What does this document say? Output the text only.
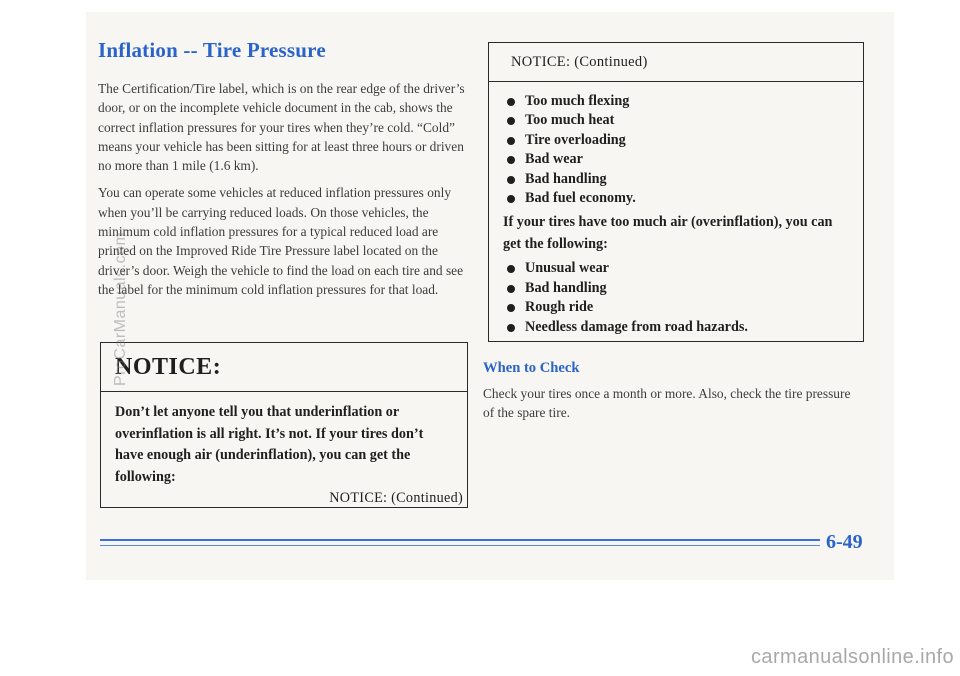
Inflation -- Tire Pressure

The Certification/Tire label, which is on the rear edge of the driver’s door, or on the incomplete vehicle document in the cab, shows the correct inflation pressures for your tires when they’re cold. “Cold” means your vehicle has been sitting for at least three hours or driven no more than 1 mile (1.6 km).

You can operate some vehicles at reduced inflation pressures only when you’ll be carrying reduced loads. On those vehicles, the minimum cold inflation pressures for a typical reduced load are printed on the Improved Ride Tire Pressure label located on the driver’s door. Weigh the vehicle to find the load on each tire and see the label for the minimum cold inflation pressures for that load.

NOTICE:
Don’t let anyone tell you that underinflation or overinflation is all right. It’s not. If your tires don’t have enough air (underinflation), you can get the following:
NOTICE: (Continued)
NOTICE: (Continued)
Too much flexing
Too much heat
Tire overloading
Bad wear
Bad handling
Bad fuel economy.

If your tires have too much air (overinflation), you can get the following:

Unusual wear
Bad handling
Rough ride
Needless damage from road hazards.
When to Check

Check your tires once a month or more. Also, check the tire pressure of the spare tire.

6-49
ProCarManuals.com
carmanualsonline.info
